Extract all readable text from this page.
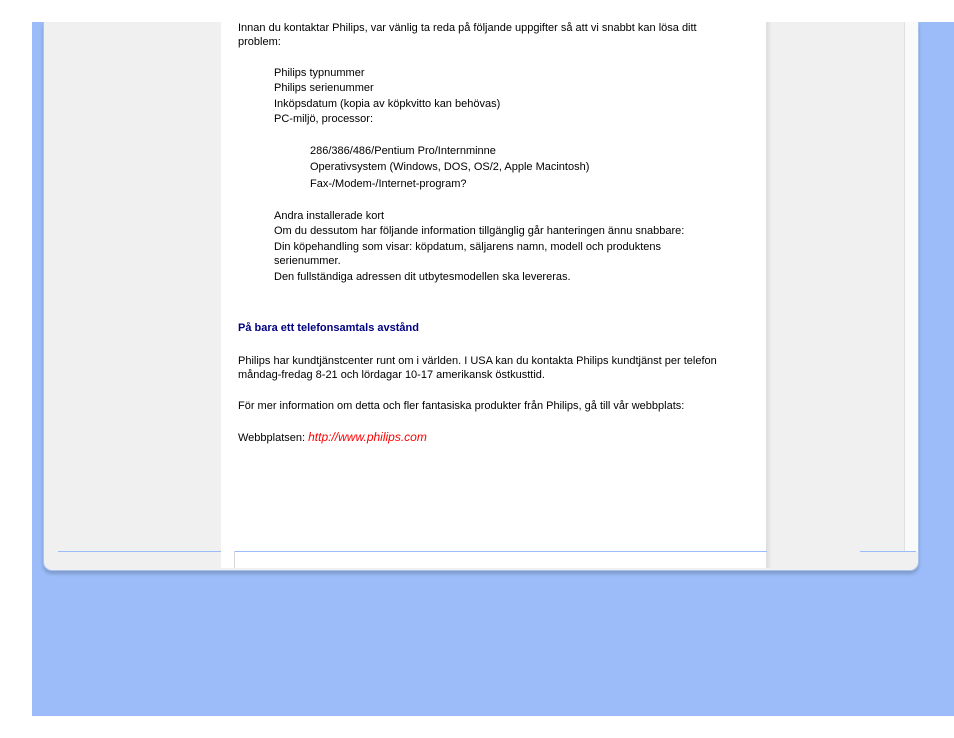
Innan du kontaktar Philips, var vänlig ta reda på följande uppgifter så att vi snabbt kan lösa ditt
problem:
Philips typnummer
Philips serienummer
Inköpsdatum (kopia av köpkvitto kan behövas)
PC-miljö, processor:
286/386/486/Pentium Pro/Internminne
Operativsystem (Windows, DOS, OS/2, Apple Macintosh)
Fax-/Modem-/Internet-program?
Andra installerade kort
Om du dessutom har följande information tillgänglig går hanteringen ännu snabbare:
Din köpehandling som visar: köpdatum, säljarens namn, modell och produktens
serienummer.
Den fullständiga adressen dit utbytesmodellen ska levereras.
På bara ett telefonsamtals avstånd
Philips har kundtjänstcenter runt om i världen. I USA kan du kontakta Philips kundtjänst per telefon
måndag-fredag 8-21 och lördagar 10-17 amerikansk östkusttid.
För mer information om detta och fler fantasiska produkter från Philips, gå till vår webbplats:
Webbplatsen: http://www.philips.com
